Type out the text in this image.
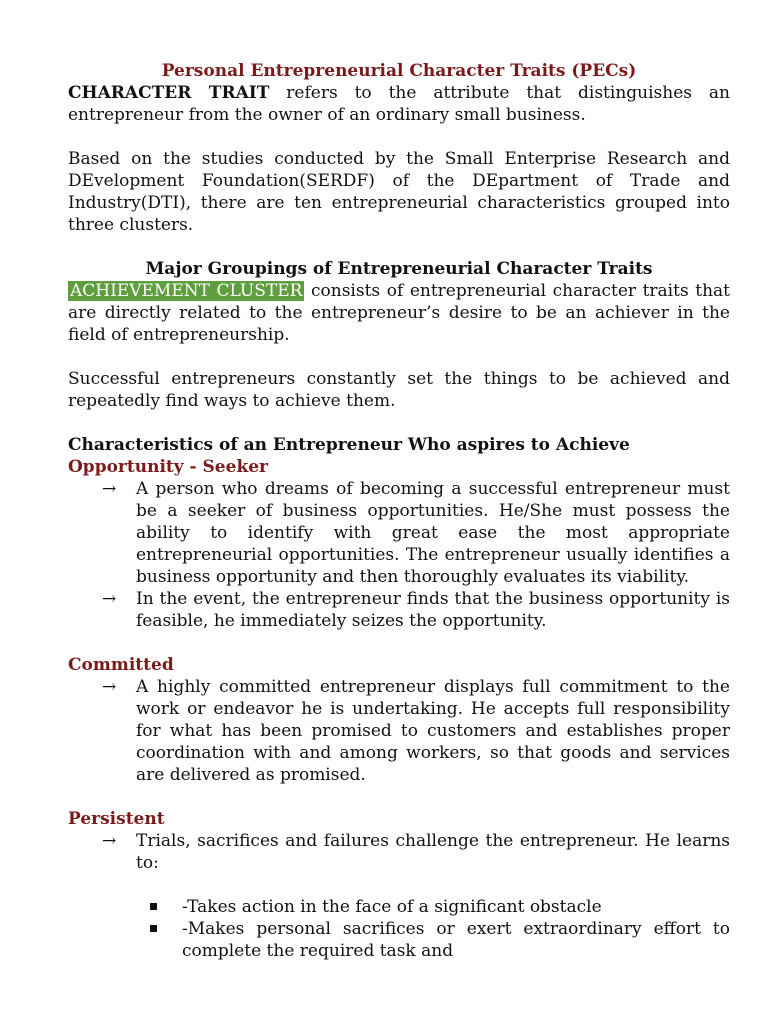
Personal Entrepreneurial Character Traits (PECs)

CHARACTER TRAIT refers to the attribute that distinguishes an entrepreneur from the owner of an ordinary small business.

Based on the studies conducted by the Small Enterprise Research and DEvelopment Foundation(SERDF) of the DEpartment of Trade and Industry(DTI), there are ten entrepreneurial characteristics grouped into three clusters.

Major Groupings of Entrepreneurial Character Traits

ACHIEVEMENT CLUSTER consists of entrepreneurial character traits that are directly related to the entrepreneur’s desire to be an achiever in the field of entrepreneurship.

Successful entrepreneurs constantly set the things to be achieved and repeatedly find ways to achieve them.

Characteristics of an Entrepreneur Who aspires to Achieve

Opportunity - Seeker

→ A person who dreams of becoming a successful entrepreneur must be a seeker of business opportunities. He/She must possess the ability to identify with great ease the most appropriate entrepreneurial opportunities. The entrepreneur usually identifies a business opportunity and then thoroughly evaluates its viability.
→ In the event, the entrepreneur finds that the business opportunity is feasible, he immediately seizes the opportunity.

Committed

→ A highly committed entrepreneur displays full commitment to the work or endeavor he is undertaking. He accepts full responsibility for what has been promised to customers and establishes proper coordination with and among workers, so that goods and services are delivered as promised.

Persistent

→ Trials, sacrifices and failures challenge the entrepreneur. He learns to:
-Takes action in the face of a significant obstacle
-Makes personal sacrifices or exert extraordinary effort to complete the required task and
